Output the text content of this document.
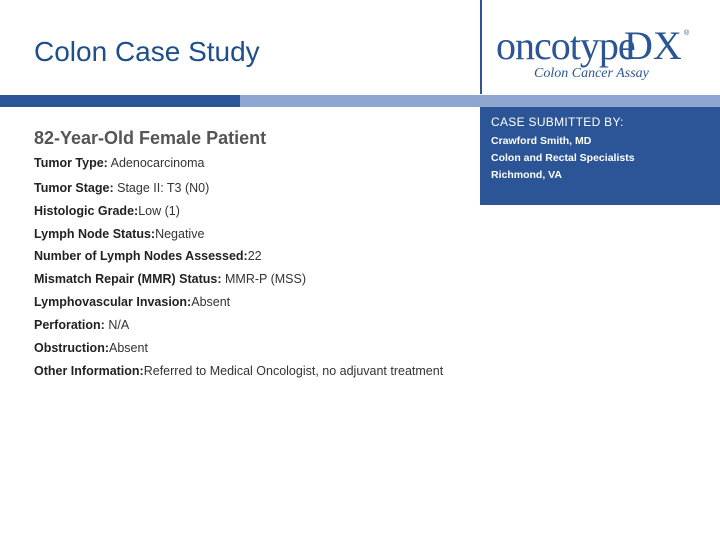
Colon Case Study	oncotype
DX ®
Colon Cancer Assay
CASE SUBMITTED BY:
Crawford Smith, MD
Colon and Rectal Specialists
Richmond, VA
82-Year-Old Female Patient
Tumor Type: Adenocarcinoma
Tumor Stage: Stage II: T3 (N0)
Histologic Grade:Low (1)
Lymph Node Status:Negative
Number of Lymph Nodes Assessed:22
Mismatch Repair (MMR) Status: MMR-P (MSS)
Lymphovascular Invasion:Absent
Perforation: N/A
Obstruction:Absent
Other Information:Referred to Medical Oncologist, no adjuvant treatment
